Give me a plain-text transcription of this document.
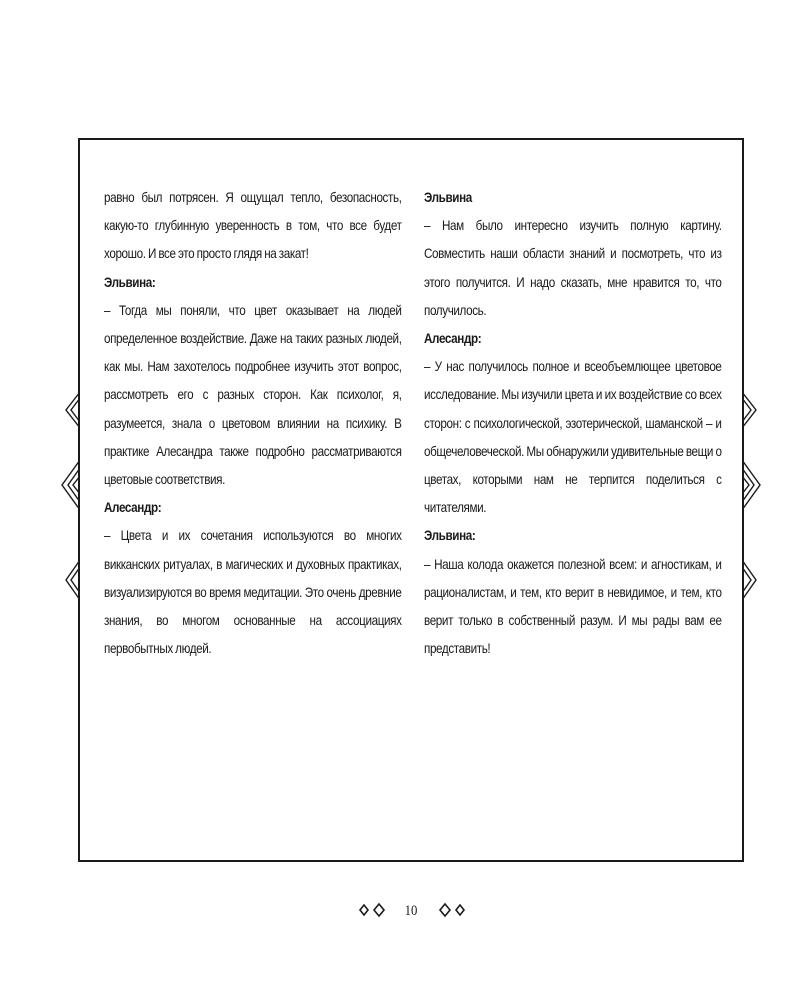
равно был потрясен. Я ощущал тепло, безопасность, какую-то глубинную уверенность в том, что все будет хорошо. И все это просто глядя на закат!

Эльвина:

– Тогда мы поняли, что цвет оказывает на людей определенное воздействие. Даже на таких разных людей, как мы. Нам захотелось подробнее изучить этот вопрос, рассмотреть его с разных сторон. Как психолог, я, разумеется, знала о цветовом влиянии на психику. В практике Алесандра также подробно рассматриваются цветовые соответствия.

Алесандр:

– Цвета и их сочетания используются во многих викканских ритуалах, в магических и духовных практиках, визуализируются во время медитации. Это очень древние знания, во многом основанные на ассоциациях первобытных людей.

Эльвина

– Нам было интересно изучить полную картину. Совместить наши области знаний и посмотреть, что из этого получится. И надо сказать, мне нравится то, что получилось.

Алесандр:

– У нас получилось полное и всеобъемлющее цветовое исследование. Мы изучили цвета и их воздействие со всех сторон: с психологической, эзотерической, шаманской – и общечеловеческой. Мы обнаружили удивительные вещи о цветах, которыми нам не терпится поделиться с читателями.

Эльвина:

– Наша колода окажется полезной всем: и агностикам, и рационалистам, и тем, кто верит в невидимое, и тем, кто верит только в собственный разум. И мы рады вам ее представить!

10
